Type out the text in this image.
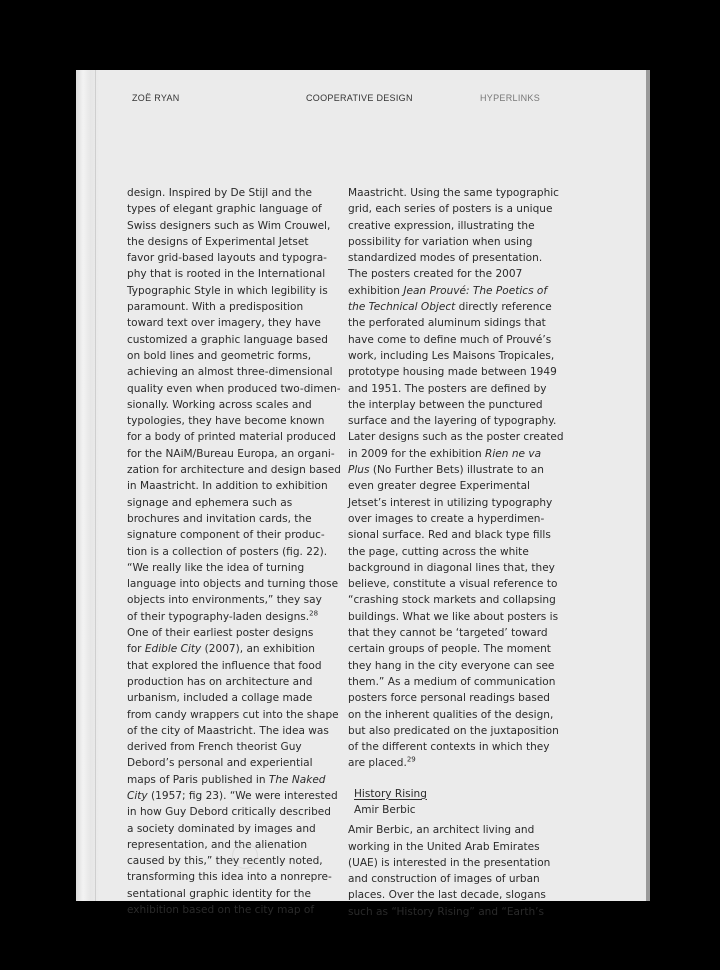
ZOË RYAN	COOPERATIVE DESIGN	HYPERLINKS
design. Inspired by De Stijl and the
types of elegant graphic language of
Swiss designers such as Wim Crouwel,
the designs of Experimental Jetset
favor grid-based layouts and typogra-
phy that is rooted in the International
Typographic Style in which legibility is
paramount. With a predisposition
toward text over imagery, they have
customized a graphic language based
on bold lines and geometric forms,
achieving an almost three-dimensional
quality even when produced two-dimen-
sionally. Working across scales and
typologies, they have become known
for a body of printed material produced
for the NAiM/Bureau Europa, an organi-
zation for architecture and design based
in Maastricht. In addition to exhibition
signage and ephemera such as
brochures and invitation cards, the
signature component of their produc-
tion is a collection of posters (fig. 22).
“We really like the idea of turning
language into objects and turning those
objects into environments,” they say
of their typography-laden designs.$^{28}$
One of their earliest poster designs
for Edible City (2007), an exhibition
that explored the influence that food
production has on architecture and
urbanism, included a collage made
from candy wrappers cut into the shape
of the city of Maastricht. The idea was
derived from French theorist Guy
Debord’s personal and experiential
maps of Paris published in The Naked
City (1957; fig 23). “We were interested
in how Guy Debord critically described
a society dominated by images and
representation, and the alienation
caused by this,” they recently noted,
transforming this idea into a nonrepre-
sentational graphic identity for the
exhibition based on the city map of
Maastricht. Using the same typographic
grid, each series of posters is a unique
creative expression, illustrating the
possibility for variation when using
standardized modes of presentation.
The posters created for the 2007
exhibition Jean Prouvé: The Poetics of
the Technical Object directly reference
the perforated aluminum sidings that
have come to define much of Prouvé’s
work, including Les Maisons Tropicales,
prototype housing made between 1949
and 1951. The posters are defined by
the interplay between the punctured
surface and the layering of typography.
Later designs such as the poster created
in 2009 for the exhibition Rien ne va
Plus (No Further Bets) illustrate to an
even greater degree Experimental
Jetset’s interest in utilizing typography
over images to create a hyperdimen-
sional surface. Red and black type fills
the page, cutting across the white
background in diagonal lines that, they
believe, constitute a visual reference to
“crashing stock markets and collapsing
buildings. What we like about posters is
that they cannot be ‘targeted’ toward
certain groups of people. The moment
they hang in the city everyone can see
them.” As a medium of communication
posters force personal readings based
on the inherent qualities of the design,
but also predicated on the juxtaposition
of the different contexts in which they
are placed.$^{29}$
History Rising
Amir Berbic
Amir Berbic, an architect living and
working in the United Arab Emirates
(UAE) is interested in the presentation
and construction of images of urban
places. Over the last decade, slogans
such as “History Rising” and “Earth’s
